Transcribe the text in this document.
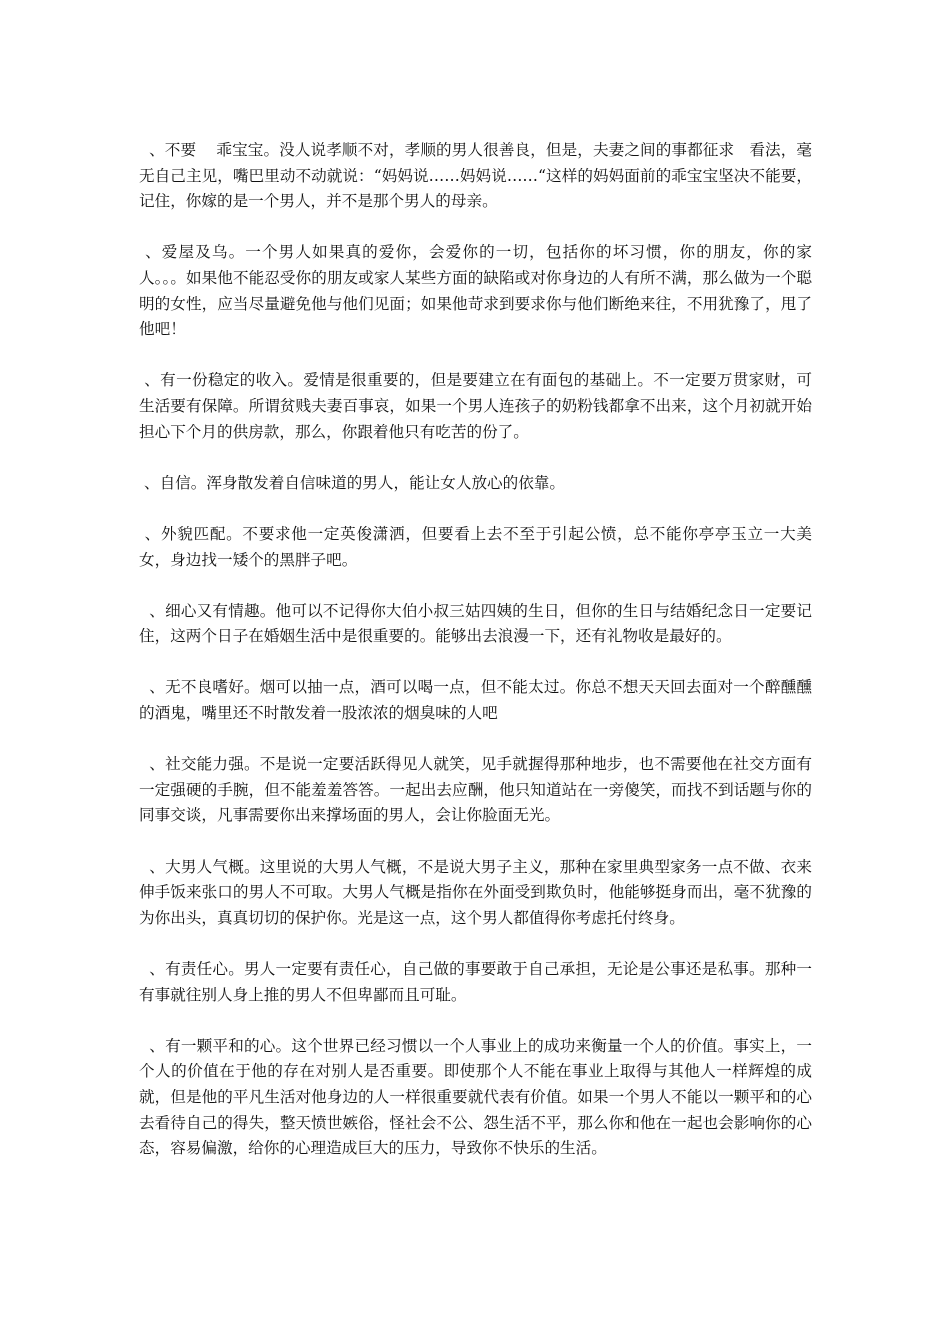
、不要    乖宝宝。没人说孝顺不对，孝顺的男人很善良，但是，夫妻之间的事都征求   看法，毫无自己主见，嘴巴里动不动就说：“妈妈说……妈妈说……“这样的妈妈面前的乖宝宝坚决不能要，记住，你嫁的是一个男人，并不是那个男人的母亲。

、爱屋及乌。一个男人如果真的爱你，会爱你的一切，包括你的坏习惯，你的朋友，你的家人。。。如果他不能忍受你的朋友或家人某些方面的缺陷或对你身边的人有所不满，那么做为一个聪明的女性，应当尽量避免他与他们见面；如果他苛求到要求你与他们断绝来往，不用犹豫了，甩了他吧！

、有一份稳定的收入。爱情是很重要的，但是要建立在有面包的基础上。不一定要万贯家财，可生活要有保障。所谓贫贱夫妻百事哀，如果一个男人连孩子的奶粉钱都拿不出来，这个月初就开始担心下个月的供房款，那么，你跟着他只有吃苦的份了。

、自信。浑身散发着自信味道的男人，能让女人放心的依靠。

、外貌匹配。不要求他一定英俊潇洒，但要看上去不至于引起公愤，总不能你亭亭玉立一大美女，身边找一矮个的黑胖子吧。

、细心又有情趣。他可以不记得你大伯小叔三姑四姨的生日，但你的生日与结婚纪念日一定要记住，这两个日子在婚姻生活中是很重要的。能够出去浪漫一下，还有礼物收是最好的。

、无不良嗜好。烟可以抽一点，酒可以喝一点，但不能太过。你总不想天天回去面对一个醉醺醺的酒鬼，嘴里还不时散发着一股浓浓的烟臭味的人吧

、社交能力强。不是说一定要活跃得见人就笑，见手就握得那种地步，也不需要他在社交方面有一定强硬的手腕，但不能羞羞答答。一起出去应酬，他只知道站在一旁傻笑，而找不到话题与你的同事交谈，凡事需要你出来撑场面的男人，会让你脸面无光。

、大男人气概。这里说的大男人气概，不是说大男子主义，那种在家里典型家务一点不做、衣来伸手饭来张口的男人不可取。大男人气概是指你在外面受到欺负时，他能够挺身而出，毫不犹豫的为你出头，真真切切的保护你。光是这一点，这个男人都值得你考虑托付终身。

、有责任心。男人一定要有责任心，自己做的事要敢于自己承担，无论是公事还是私事。那种一有事就往别人身上推的男人不但卑鄙而且可耻。

、有一颗平和的心。这个世界已经习惯以一个人事业上的成功来衡量一个人的价值。事实上，一个人的价值在于他的存在对别人是否重要。即使那个人不能在事业上取得与其他人一样辉煌的成就，但是他的平凡生活对他身边的人一样很重要就代表有价值。如果一个男人不能以一颗平和的心去看待自己的得失，整天愤世嫉俗，怪社会不公、怨生活不平，那么你和他在一起也会影响你的心态，容易偏激，给你的心理造成巨大的压力，导致你不快乐的生活。
